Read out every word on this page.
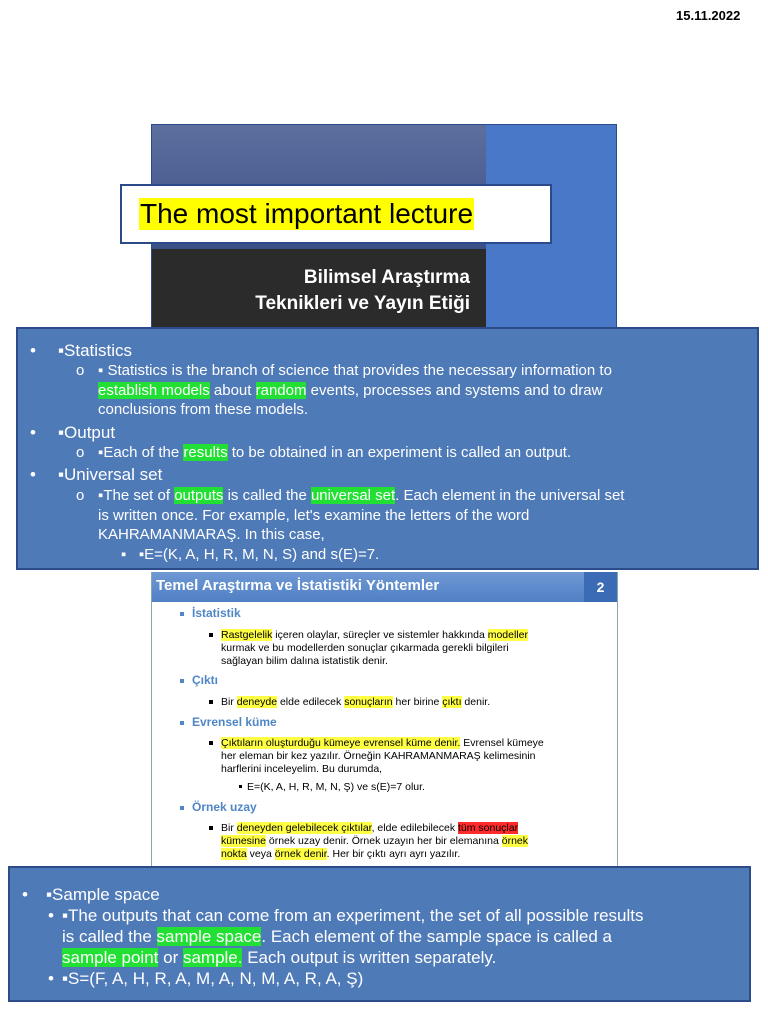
15.11.2022
Bilimsel Araştırma
Teknikleri ve Yayın Etiği
The most important lecture
• ▪Statistics
o ▪ Statistics is the branch of science that provides the necessary information to
establish models about random events, processes and systems and to draw
conclusions from these models.
• ▪Output
o ▪Each of the results to be obtained in an experiment is called an output.
• ▪Universal set
o ▪The set of outputs is called the universal set. Each element in the universal set
is written once. For example, let's examine the letters of the word
KAHRAMANMARAŞ. In this case,
▪   ▪E=(K, A, H, R, M, N, S) and s(E)=7.
Temel Araştırma ve İstatistiki Yöntemler	2
İstatistik
Rastgelelik içeren olaylar, süreçler ve sistemler hakkında modeller
kurmak ve bu modellerden sonuçlar çıkarmada gerekli bilgileri
sağlayan bilim dalına istatistik denir.
Çıktı
Bir deneyde elde edilecek sonuçların her birine çıktı denir.
Evrensel küme
Çıktıların oluşturduğu kümeye evrensel küme denir. Evrensel kümeye
her eleman bir kez yazılır. Örneğin KAHRAMANMARAŞ kelimesinin
harflerini inceleyelim. Bu durumda,
E=(K, A, H, R, M, N, Ş) ve s(E)=7 olur.
Örnek uzay
Bir deneyden gelebilecek çıktılar, elde edilebilecek tüm sonuçlar
kümesine örnek uzay denir. Örnek uzayın her bir elemanına örnek
nokta veya örnek denir. Her bir çıktı ayrı ayrı yazılır.
• ▪Sample space
• ▪The outputs that can come from an experiment, the set of all possible results
is called the sample space. Each element of the sample space is called a
sample point or sample. Each output is written separately.
• ▪S=(F, A, H, R, A, M, A, N, M, A, R, A, Ş)
